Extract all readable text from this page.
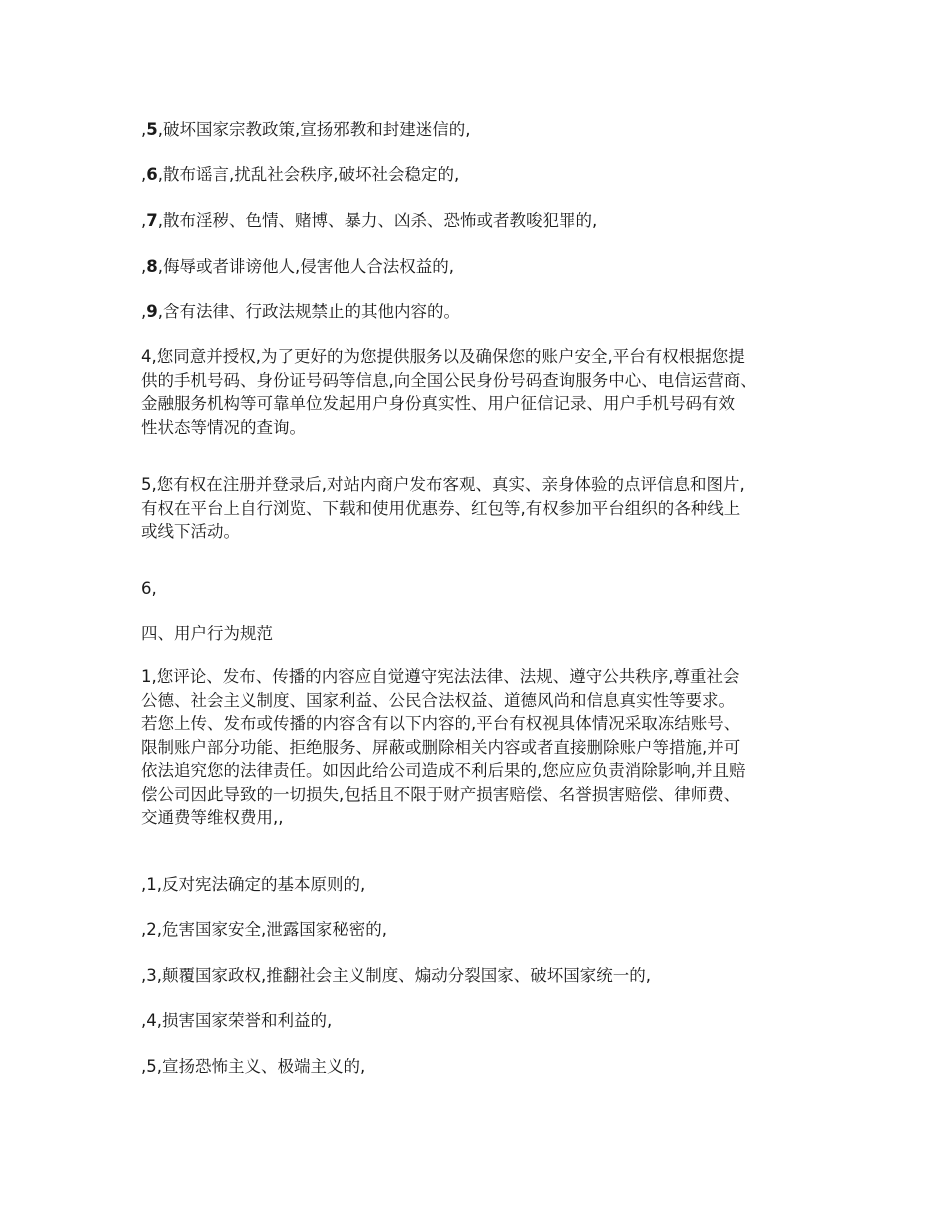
,5,破坏国家宗教政策,宣扬邪教和封建迷信的,

,6,散布谣言,扰乱社会秩序,破坏社会稳定的,

,7,散布淫秽、色情、赌博、暴力、凶杀、恐怖或者教唆犯罪的,

,8,侮辱或者诽谤他人,侵害他人合法权益的,

,9,含有法律、行政法规禁止的其他内容的。

4,您同意并授权,为了更好的为您提供服务以及确保您的账户安全,平台有权根据您提
供的手机号码、身份证号码等信息,向全国公民身份号码查询服务中心、电信运营商、
金融服务机构等可靠单位发起用户身份真实性、用户征信记录、用户手机号码有效
性状态等情况的查询。

5,您有权在注册并登录后,对站内商户发布客观、真实、亲身体验的点评信息和图片,
有权在平台上自行浏览、下载和使用优惠券、红包等,有权参加平台组织的各种线上
或线下活动。

6,

四、用户行为规范

1,您评论、发布、传播的内容应自觉遵守宪法法律、法规、遵守公共秩序,尊重社会
公德、社会主义制度、国家利益、公民合法权益、道德风尚和信息真实性等要求。
若您上传、发布或传播的内容含有以下内容的,平台有权视具体情况采取冻结账号、
限制账户部分功能、拒绝服务、屏蔽或删除相关内容或者直接删除账户等措施,并可
依法追究您的法律责任。如因此给公司造成不利后果的,您应应负责消除影响,并且赔
偿公司因此导致的一切损失,包括且不限于财产损害赔偿、名誉损害赔偿、律师费、
交通费等维权费用,,

,1,反对宪法确定的基本原则的,

,2,危害国家安全,泄露国家秘密的,

,3,颠覆国家政权,推翻社会主义制度、煽动分裂国家、破坏国家统一的,

,4,损害国家荣誉和利益的,

,5,宣扬恐怖主义、极端主义的,
